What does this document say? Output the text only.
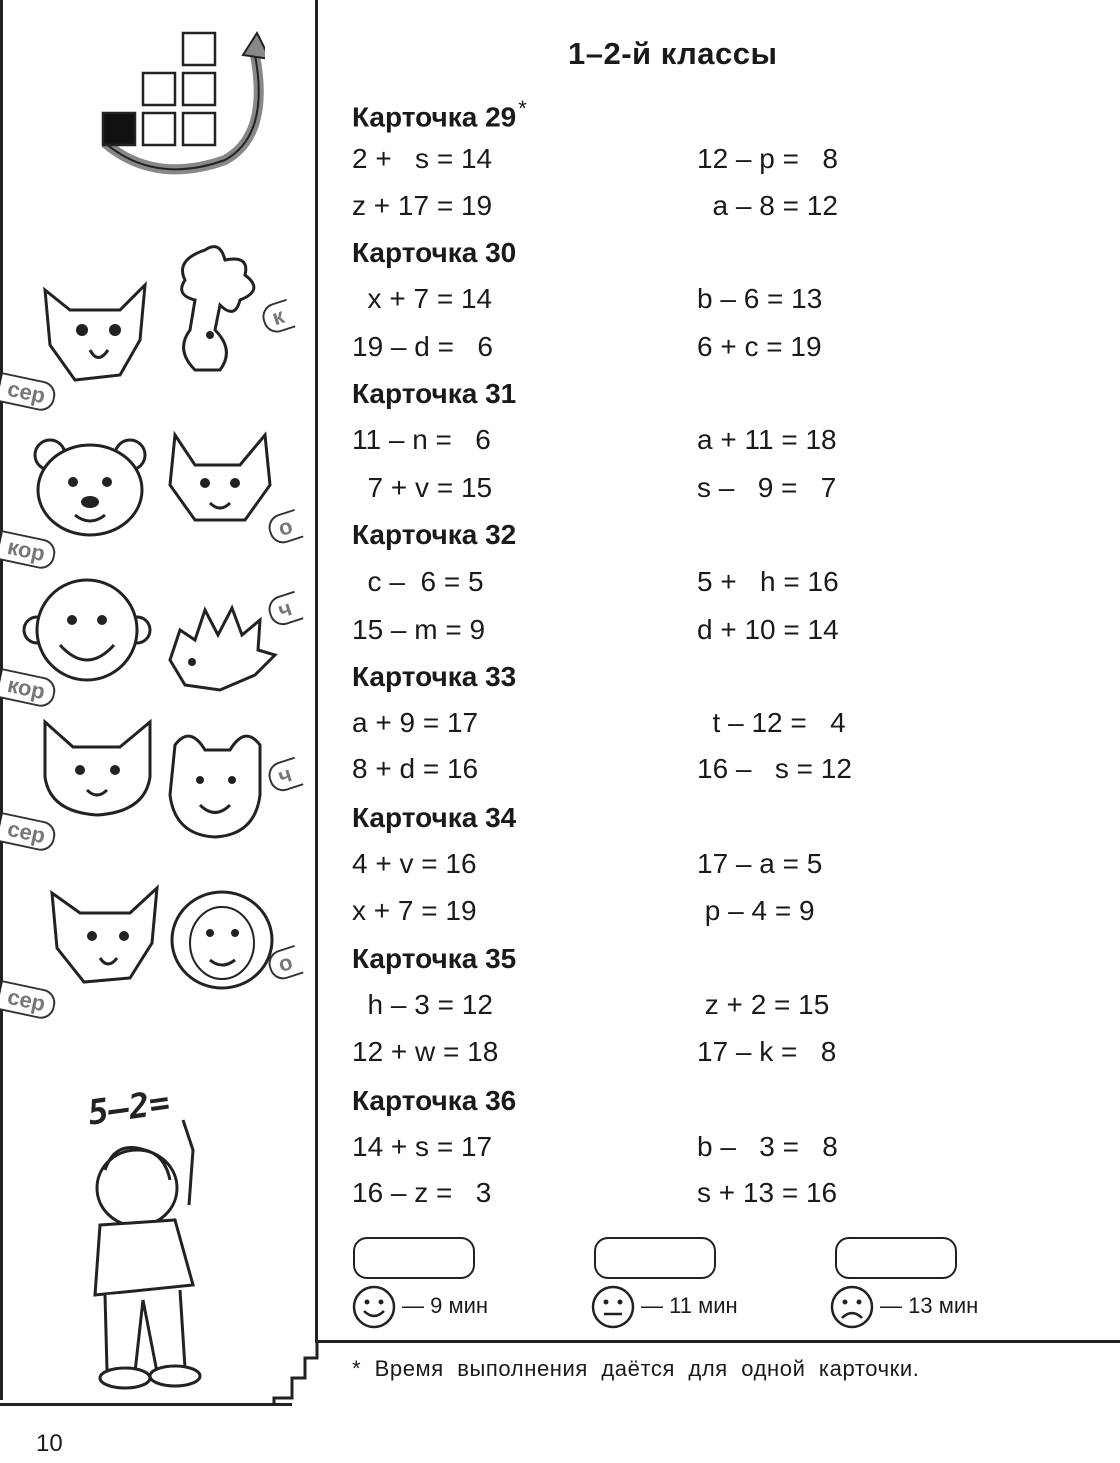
к
сер
о
кор
ч
кор
ч
сер
о
сер
5–2=
1–2-й классы
Карточка 29*
2 +   s = 14	12 – p =   8
z + 17 = 19	a – 8 = 12
Карточка 30
x + 7 = 14	b – 6 = 13
19 – d =   6	6 + c = 19
Карточка 31
11 – n =   6	a + 11 = 18
7 + v = 15	s –   9 =   7
Карточка 32
c –  6 = 5	5 +   h = 16
15 – m = 9	d + 10 = 14
Карточка 33
a + 9 = 17	t – 12 =   4
8 + d = 16	16 –   s = 12
Карточка 34
4 + v = 16	17 – a = 5
x + 7 = 19	p – 4 = 9
Карточка 35
h – 3 = 12	z + 2 = 15
12 + w = 18	17 – k =   8
Карточка 36
14 + s = 17	b –   3 =   8
16 – z =   3	s + 13 = 16
— 9 мин	— 11 мин	— 13 мин
*  Время  выполнения  даётся  для  одной  карточки.
10
